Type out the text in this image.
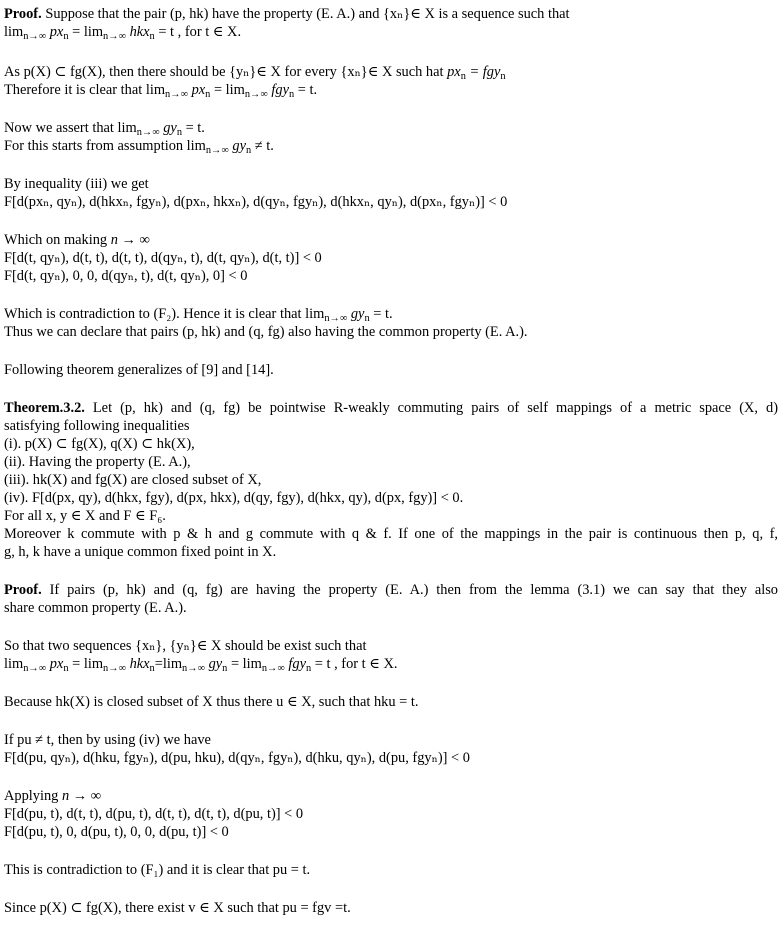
Proof. Suppose that the pair (p, hk) have the property (E. A.) and {xₙ}∈ X is a sequence such that
$\lim_{n\to\infty} px_n = \lim_{n\to\infty} hkx_n = t$ , for t ∈ X.
As p(X) ⊂ fg(X), then there should be {yₙ}∈ X for every {xₙ}∈ X such hat $px_n = fgy_n$
Therefore it is clear that $\lim_{n\to\infty} px_n = \lim_{n\to\infty} fgy_n = t$.
Now we assert that $\lim_{n\to\infty} gy_n = t$.
For this starts from assumption $\lim_{n\to\infty} gy_n \ne t$.
By inequality (iii) we get
F[d(pxₙ, qyₙ), d(hkxₙ, fgyₙ), d(pxₙ, hkxₙ), d(qyₙ, fgyₙ), d(hkxₙ, qyₙ), d(pxₙ, fgyₙ)] < 0
Which on making n → ∞
F[d(t, qyₙ), d(t, t), d(t, t), d(qyₙ, t), d(t, qyₙ), d(t, t)] < 0
F[d(t, qyₙ), 0, 0, d(qyₙ, t), d(t, qyₙ), 0] < 0
Which is contradiction to (F₂). Hence it is clear that $\lim_{n\to\infty} gy_n = t$.
Thus we can declare that pairs (p, hk) and (q, fg) also having the common property (E. A.).
Following theorem generalizes of [9] and [14].
Theorem.3.2. Let (p, hk) and (q, fg) be pointwise R-weakly commuting pairs of self mappings of a metric space (X, d)
satisfying following inequalities
(i). p(X) ⊂ fg(X), q(X) ⊂ hk(X),
(ii). Having the property (E. A.),
(iii). hk(X) and fg(X) are closed subset of X,
(iv). F[d(px, qy), d(hkx, fgy), d(px, hkx), d(qy, fgy), d(hkx, qy), d(px, fgy)] < 0.
For all x, y ∈ X and F ∈ F₆.
Moreover k commute with p & h and g commute with q & f. If one of the mappings in the pair is continuous then p, q, f,
g, h, k have a unique common fixed point in X.
Proof. If pairs (p, hk) and (q, fg) are having the property (E. A.) then from the lemma (3.1) we can say that they also
share common property (E. A.).
So that two sequences {xₙ}, {yₙ}∈ X should be exist such that
$\lim_{n\to\infty} px_n = \lim_{n\to\infty} hkx_n=\lim_{n\to\infty}$ $gy_n = \lim_{n\to\infty} fgy_n = t$ , for t ∈ X.
Because hk(X) is closed subset of X thus there u ∈ X, such that hku = t.
If pu ≠ t, then by using (iv) we have
F[d(pu, qyₙ), d(hku, fgyₙ), d(pu, hku), d(qyₙ, fgyₙ), d(hku, qyₙ), d(pu, fgyₙ)] < 0
Applying n → ∞
F[d(pu, t), d(t, t), d(pu, t), d(t, t), d(t, t), d(pu, t)] < 0
F[d(pu, t), 0, d(pu, t), 0, 0, d(pu, t)] < 0
This is contradiction to (F₁) and it is clear that pu = t.
Since p(X) ⊂ fg(X), there exist v ∈ X such that pu = fgv =t.
